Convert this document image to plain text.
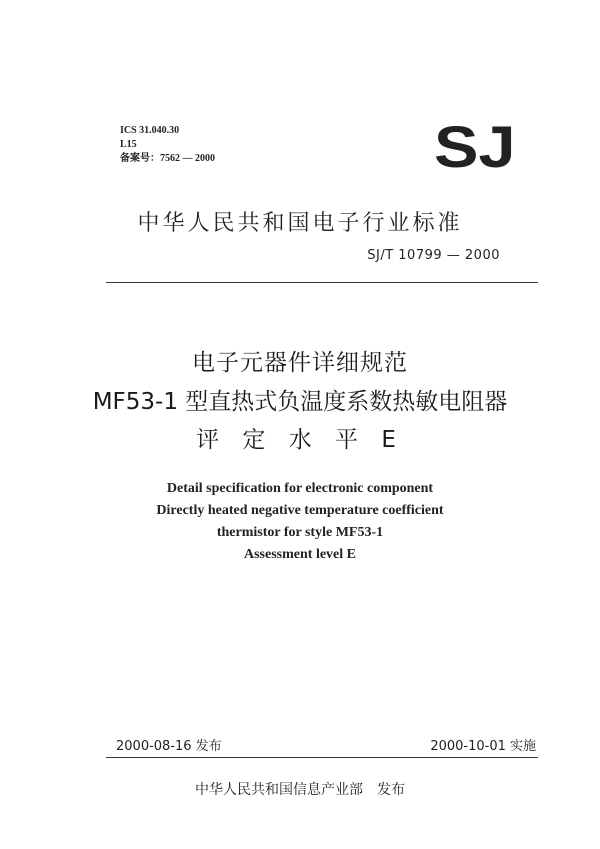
ICS 31.040.30
L15
备案号：7562 — 2000	SJ
中华人民共和国电子行业标准
SJ/T 10799 — 2000
电子元器件详细规范
MF53-1 型直热式负温度系数热敏电阻器
评 定 水 平 E
Detail specification for electronic component
Directly heated negative temperature coefficient
thermistor for style MF53-1
Assessment level E
2000-08-16 发布	2000-10-01 实施
中华人民共和国信息产业部 发布
